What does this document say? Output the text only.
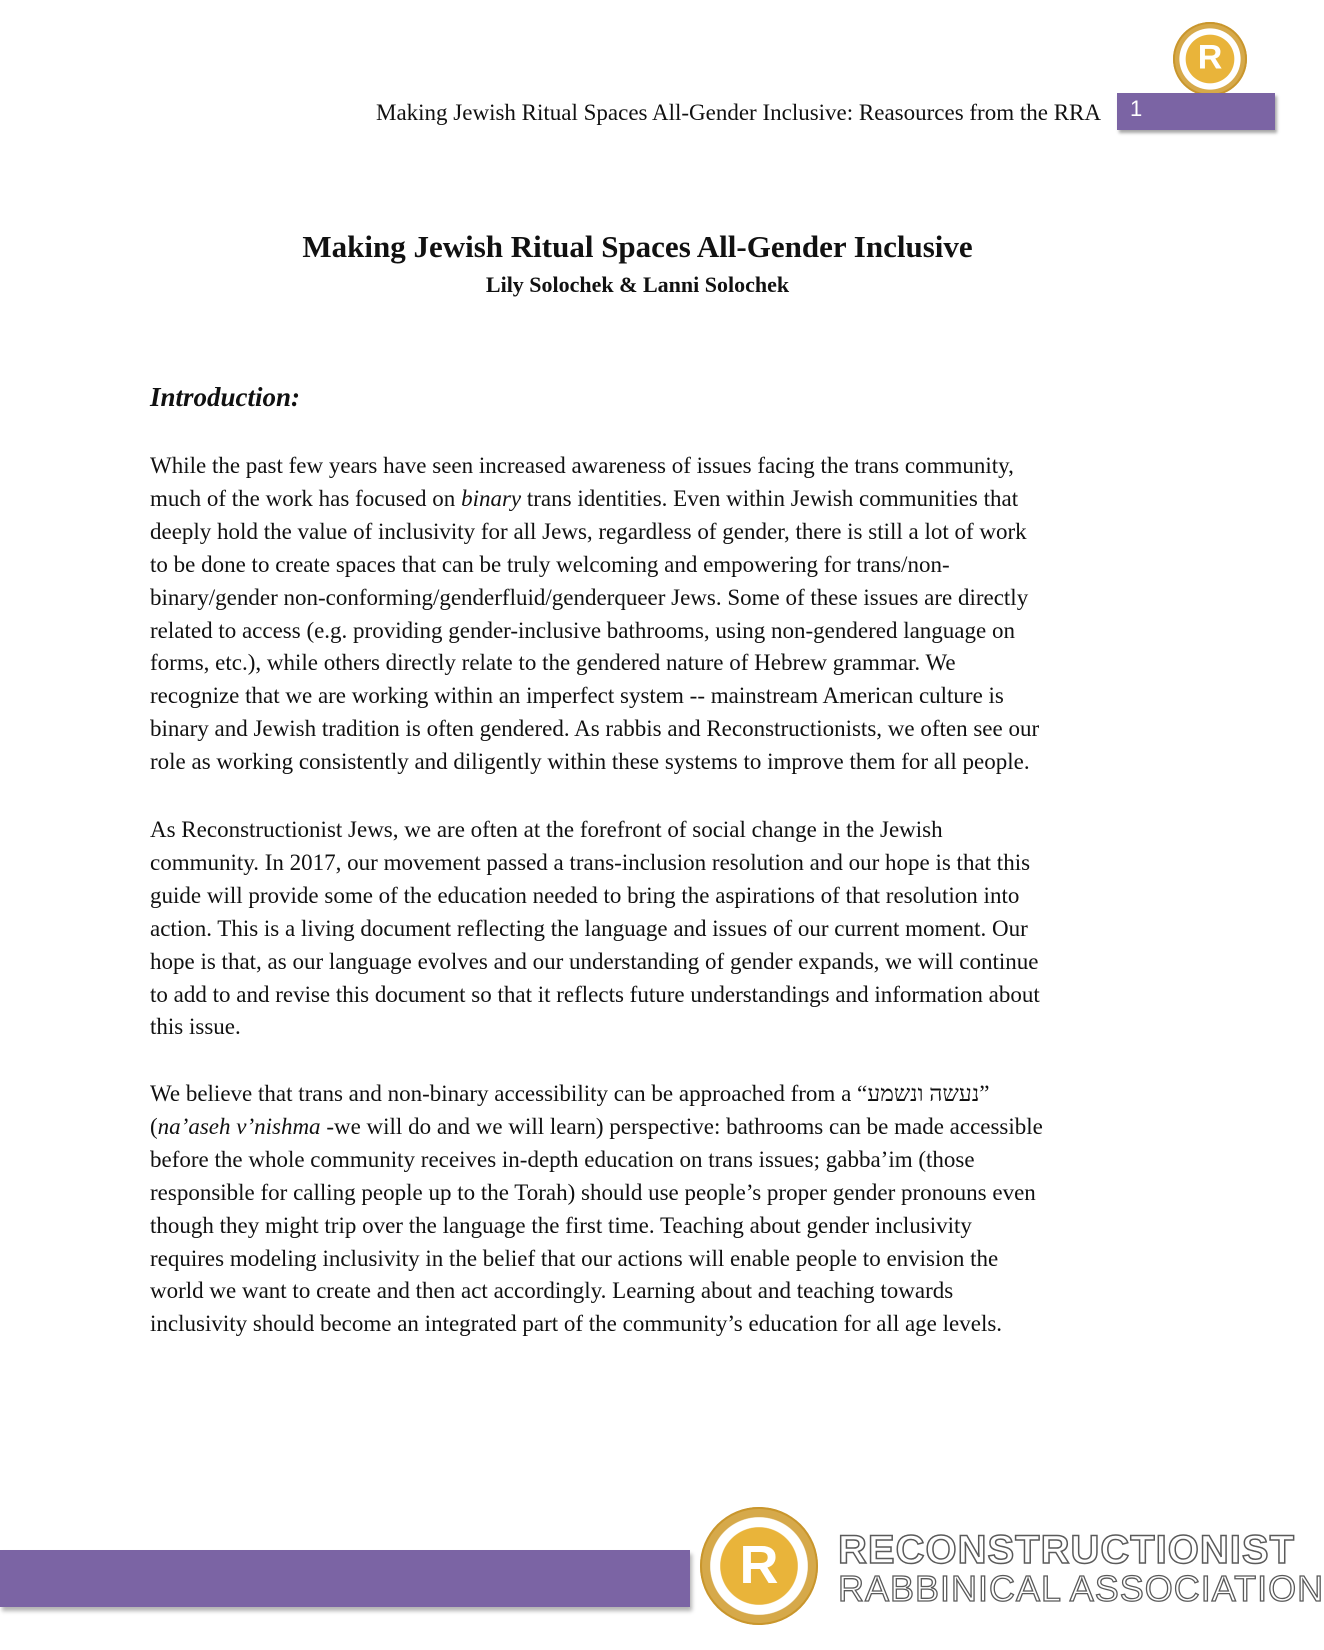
R
Making Jewish Ritual Spaces All-Gender Inclusive: Reasources from the RRA 1
Making Jewish Ritual Spaces All-Gender Inclusive
Lily Solochek & Lanni Solochek
Introduction:

While the past few years have seen increased awareness of issues facing the trans community,
much of the work has focused on binary trans identities. Even within Jewish communities that
deeply hold the value of inclusivity for all Jews, regardless of gender, there is still a lot of work
to be done to create spaces that can be truly welcoming and empowering for trans/non-
binary/gender non-conforming/genderfluid/genderqueer Jews. Some of these issues are directly
related to access (e.g. providing gender-inclusive bathrooms, using non-gendered language on
forms, etc.), while others directly relate to the gendered nature of Hebrew grammar. We
recognize that we are working within an imperfect system -- mainstream American culture is
binary and Jewish tradition is often gendered. As rabbis and Reconstructionists, we often see our
role as working consistently and diligently within these systems to improve them for all people.

As Reconstructionist Jews, we are often at the forefront of social change in the Jewish
community. In 2017, our movement passed a trans-inclusion resolution and our hope is that this
guide will provide some of the education needed to bring the aspirations of that resolution into
action. This is a living document reflecting the language and issues of our current moment. Our
hope is that, as our language evolves and our understanding of gender expands, we will continue
to add to and revise this document so that it reflects future understandings and information about
this issue.

We believe that trans and non-binary accessibility can be approached from a “נעשה ונשמע”
(na’aseh v’nishma -we will do and we will learn) perspective: bathrooms can be made accessible
before the whole community receives in-depth education on trans issues; gabba’im (those
responsible for calling people up to the Torah) should use people’s proper gender pronouns even
though they might trip over the language the first time. Teaching about gender inclusivity
requires modeling inclusivity in the belief that our actions will enable people to envision the
world we want to create and then act accordingly. Learning about and teaching towards
inclusivity should become an integrated part of the community’s education for all age levels.

R	RECONSTRUCTIONIST
RABBINICAL ASSOCIATION
